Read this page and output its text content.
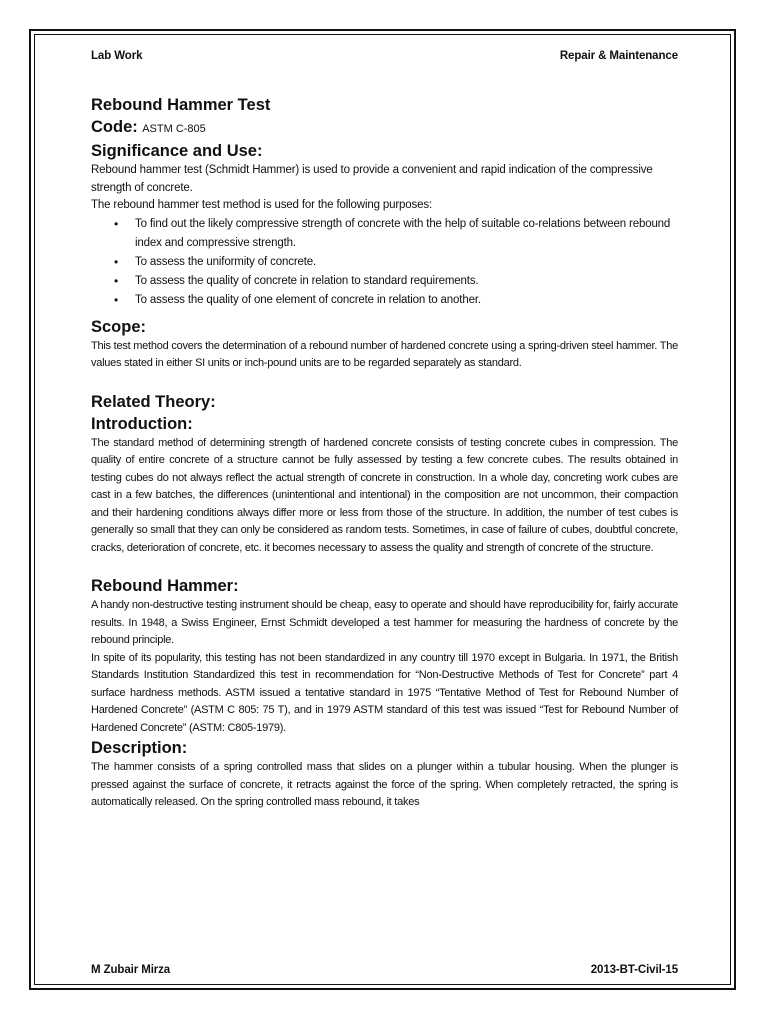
Lab Work	Repair & Maintenance
Rebound Hammer Test
Code: ASTM C-805
Significance and Use:

Rebound hammer test (Schmidt Hammer) is used to provide a convenient and rapid indication of the compressive strength of concrete.

The rebound hammer test method is used for the following purposes:

• To find out the likely compressive strength of concrete with the help of suitable co-relations between rebound index and compressive strength.
• To assess the uniformity of concrete.
• To assess the quality of concrete in relation to standard requirements.
• To assess the quality of one element of concrete in relation to another.
Scope:

This test method covers the determination of a rebound number of hardened concrete using a spring-driven steel hammer. The values stated in either SI units or inch-pound units are to be regarded separately as standard.

Related Theory:
Introduction:

The standard method of determining strength of hardened concrete consists of testing concrete cubes in compression. The quality of entire concrete of a structure cannot be fully assessed by testing a few concrete cubes. The results obtained in testing cubes do not always reflect the actual strength of concrete in construction. In a whole day, concreting work cubes are cast in a few batches, the differences (unintentional and intentional) in the composition are not uncommon, their compaction and their hardening conditions always differ more or less from those of the structure. In addition, the number of test cubes is generally so small that they can only be considered as random tests. Sometimes, in case of failure of cubes, doubtful concrete, cracks, deterioration of concrete, etc. it becomes necessary to assess the quality and strength of concrete of the structure.

Rebound Hammer:

A handy non-destructive testing instrument should be cheap, easy to operate and should have reproducibility for, fairly accurate results. In 1948, a Swiss Engineer, Ernst Schmidt developed a test hammer for measuring the hardness of concrete by the rebound principle.

In spite of its popularity, this testing has not been standardized in any country till 1970 except in Bulgaria. In 1971, the British Standards Institution Standardized this test in recommendation for “Non-Destructive Methods of Test for Concrete” part 4 surface hardness methods. ASTM issued a tentative standard in 1975 “Tentative Method of Test for Rebound Number of Hardened Concrete” (ASTM C 805: 75 T), and in 1979 ASTM standard of this test was issued “Test for Rebound Number of Hardened Concrete” (ASTM: C805-1979).

Description:

The hammer consists of a spring controlled mass that slides on a plunger within a tubular housing. When the plunger is pressed against the surface of concrete, it retracts against the force of the spring. When completely retracted, the spring is automatically released. On the spring controlled mass rebound, it takes

M Zubair Mirza	2013-BT-Civil-15
